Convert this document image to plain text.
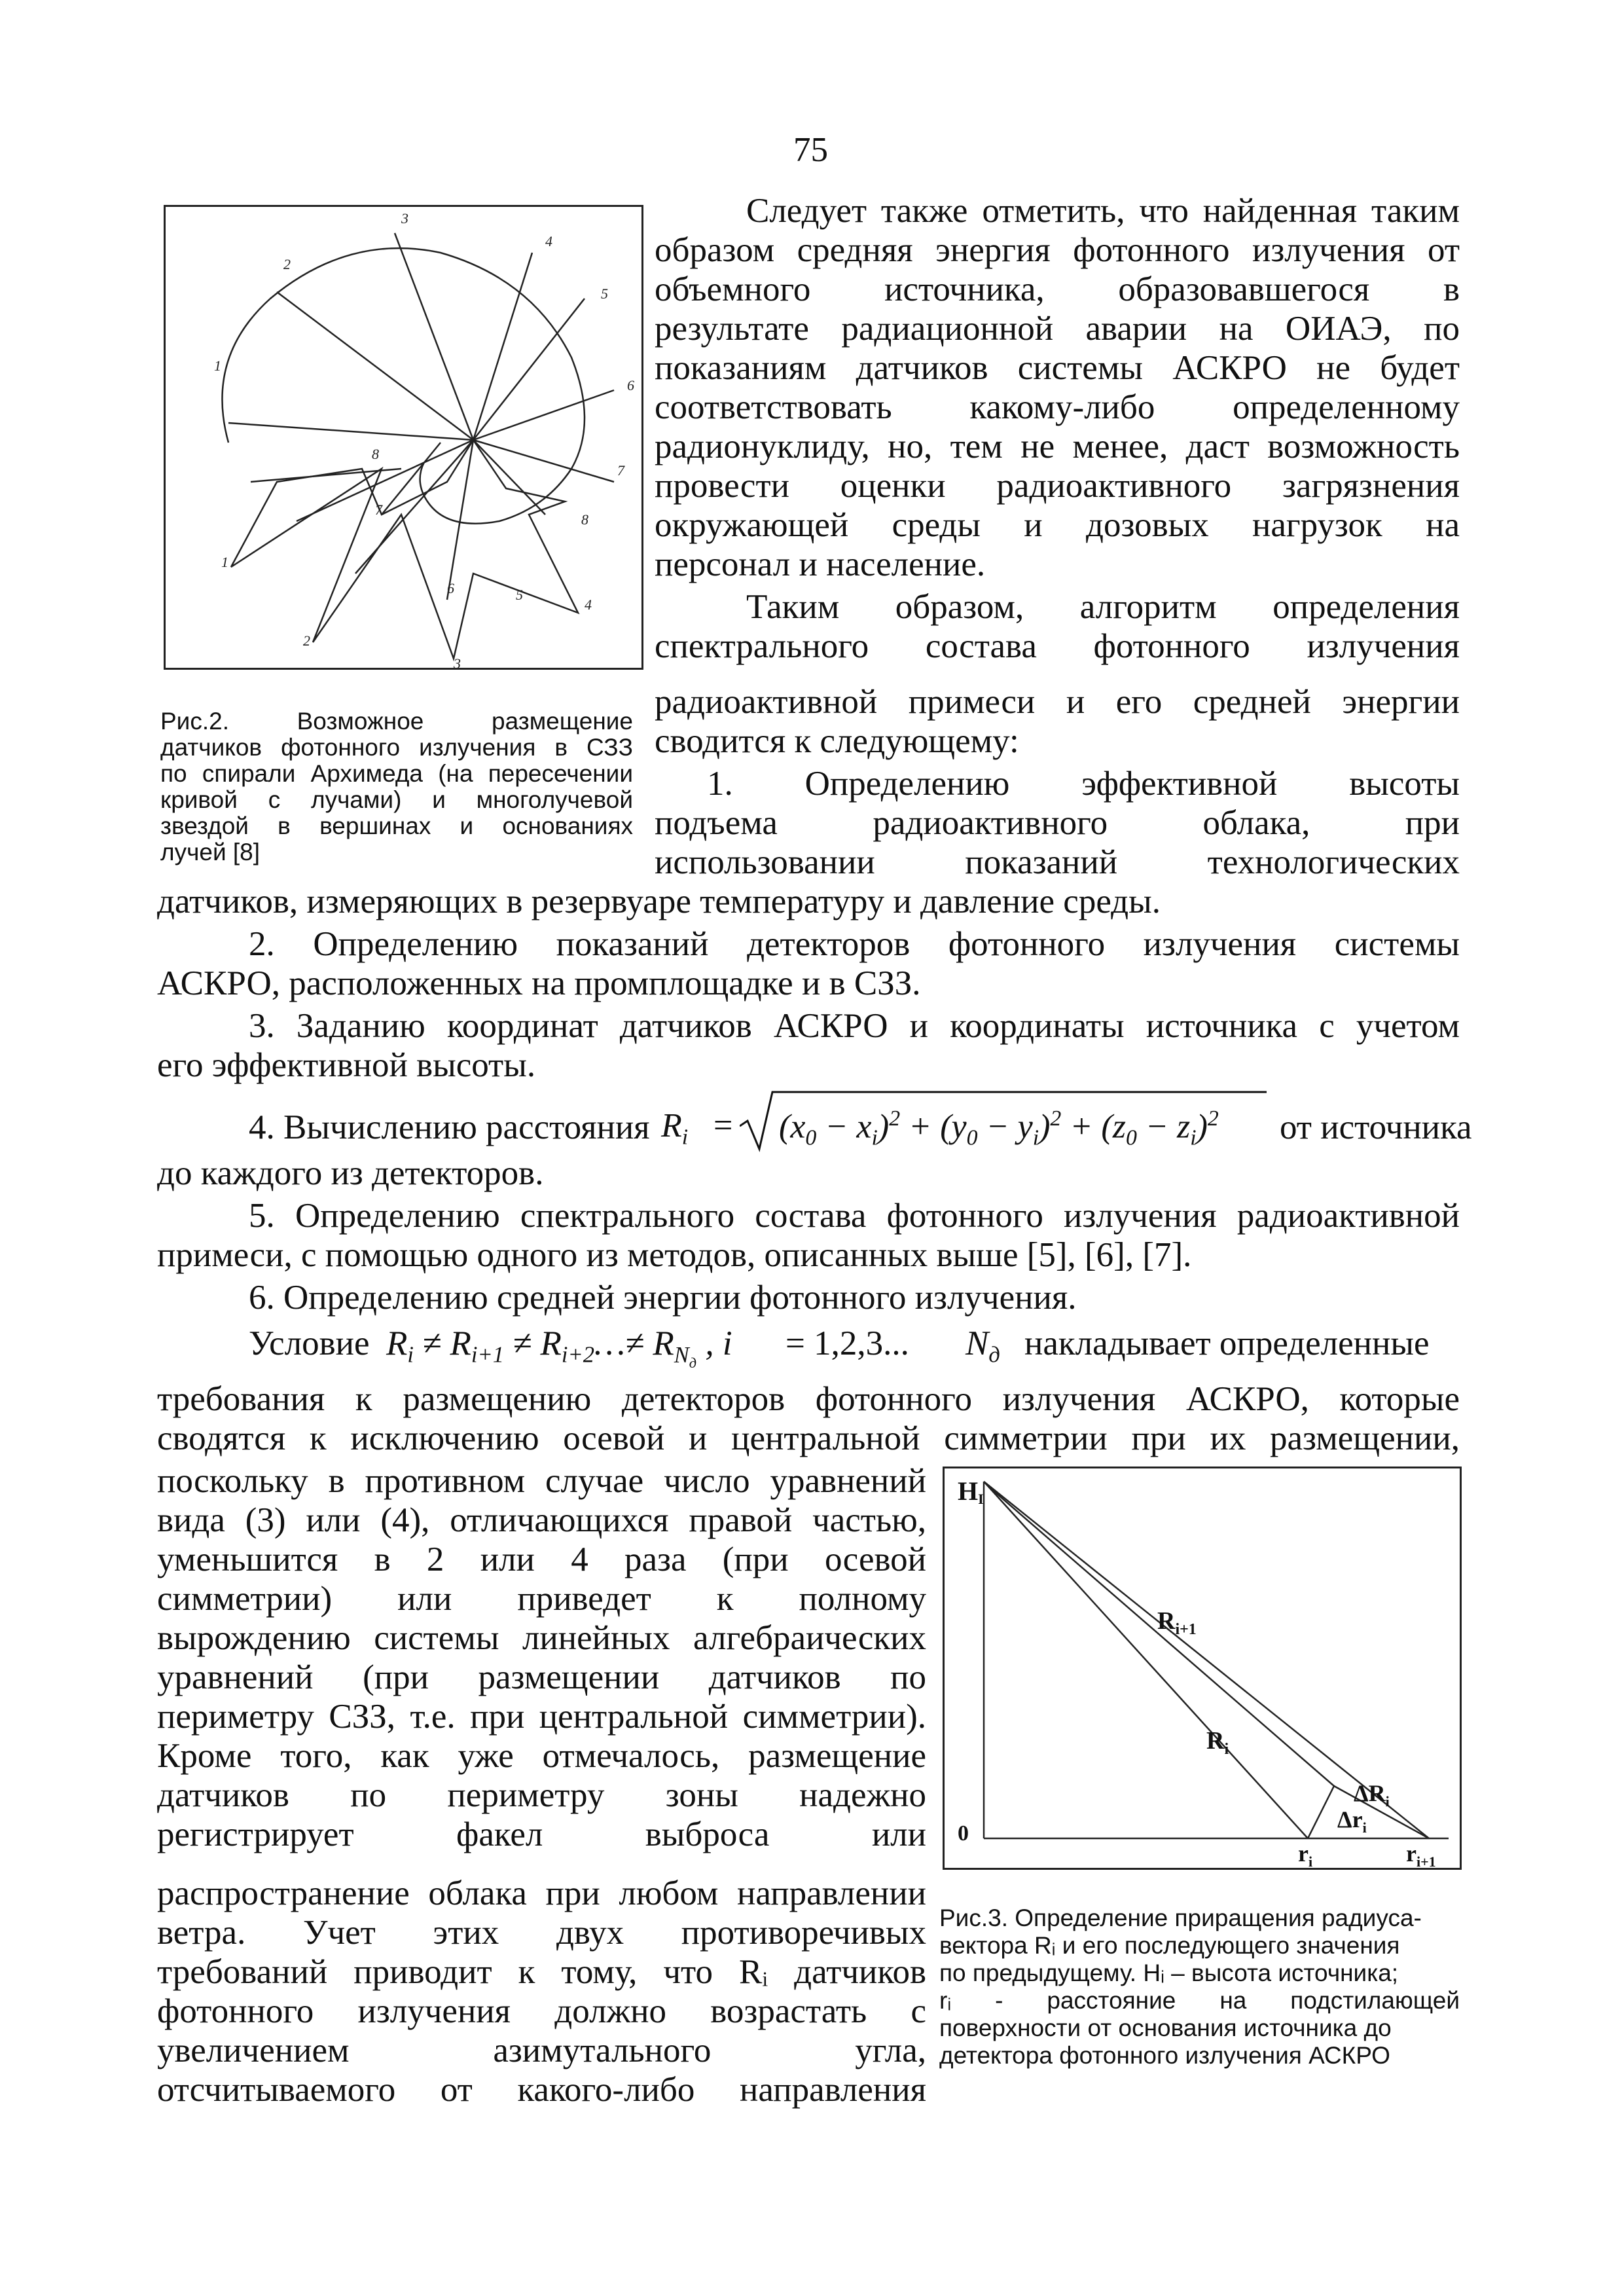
75
1
2
3
4
5
6
7
8
1
2
3
4
5
6
7
8
Рис.2. Возможное размещение
датчиков фотонного излучения в СЗЗ
по спирали Архимеда (на пересечении
кривой с лучами) и многолучевой
звездой в вершинах и основаниях
лучей [8]
Следует также отметить, что найденная таким
образом средняя энергия фотонного излучения от
объемного источника, образовавшегося в
результате радиационной аварии на ОИАЭ, по
показаниям датчиков системы АСКРО не будет
соответствовать какому-либо определенному
радионуклиду, но, тем не менее, даст возможность
провести оценки радиоактивного загрязнения
окружающей среды и дозовых нагрузок на
персонал и население.
Таким образом, алгоритм определения
спектрального состава фотонного излучения
радиоактивной примеси и его средней энергии
сводится к следующему:
1. Определению эффективной высоты
подъема радиоактивного облака, при
использовании показаний технологических
датчиков, измеряющих в резервуаре температуру и давление среды.
2. Определению показаний детекторов фотонного излучения системы
АСКРО, расположенных на промплощадке и в СЗЗ.
3. Заданию координат датчиков АСКРО и координаты источника с учетом
его эффективной высоты.
4. Вычислению расстояния $R_i = (x_0 - x_i)^2 + (y_0 - y_i)^2 + (z_0 - z_i)^2$ от источника
до каждого из детекторов.
5. Определению спектрального состава фотонного излучения радиоактивной
примеси, с помощью одного из методов, описанных выше [5], [6], [7].
6. Определению средней энергии фотонного излучения.
Условие $R_i \ne R_{i+1}$ ≠ $R_{i+2}\dots\ne R_{N_д}$ , i = 1,2,3... $N_д$ накладывает определенные
требования к размещению детекторов фотонного излучения АСКРО, которые
сводятся к исключению осевой и центральной симметрии при их размещении,
поскольку в противном случае число уравнений
вида (3) или (4), отличающихся правой частью,
уменьшится в 2 или 4 раза (при осевой
симметрии) или приведет к полному
вырождению системы линейных алгебраических
уравнений (при размещении датчиков по
периметру СЗЗ, т.е. при центральной симметрии).
Кроме того, как уже отмечалось, размещение
датчиков по периметру зоны надежно
регистрирует факел выброса или
распространение облака при любом направлении
ветра. Учет этих двух противоречивых
требований приводит к тому, что Rᵢ датчиков
фотонного излучения должно возрастать с
увеличением азимутального угла,
отсчитываемого от какого-либо направления
HI
0
$R_{i+1}$
$R_i$
$\Delta R_i$
$\Delta r_i$
$r_i$	$r_{i+1}$
Рис.3. Определение приращения радиуса-
вектора Rᵢ и его последующего значения
по предыдущему. Hᵢ – высота источника;
rᵢ - расстояние на подстилающей
поверхности от основания источника до
детектора фотонного излучения АСКРО
